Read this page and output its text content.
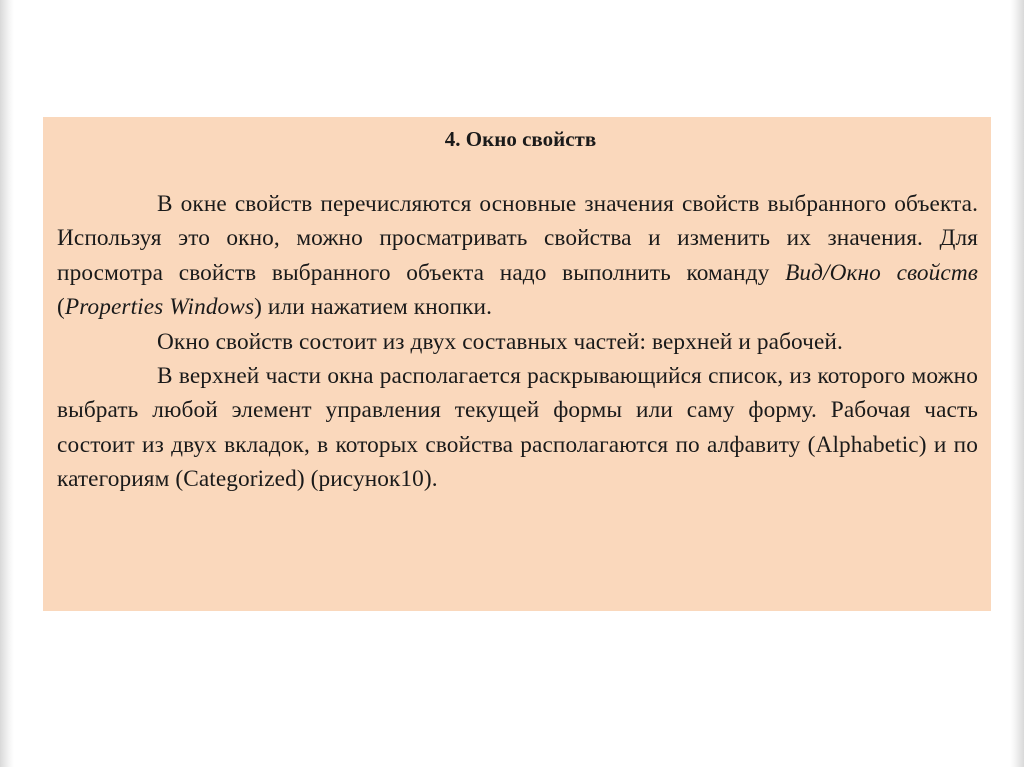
4. Окно свойств

В окне свойств перечисляются основные значения свойств выбранного объекта. Используя это окно, можно просматривать свойства и изменить их значения. Для просмотра свойств выбранного объекта надо выполнить команду Вид/Окно свойств (Properties Windows) или нажатием кнопки.

Окно свойств состоит из двух составных частей: верхней и рабочей.

В верхней части окна располагается раскрывающийся список, из которого можно выбрать любой элемент управления текущей формы или саму форму. Рабочая часть состоит из двух вкладок, в которых свойства располагаются по алфавиту (Alphabetic) и по категориям (Categorized) (рисунок10).
